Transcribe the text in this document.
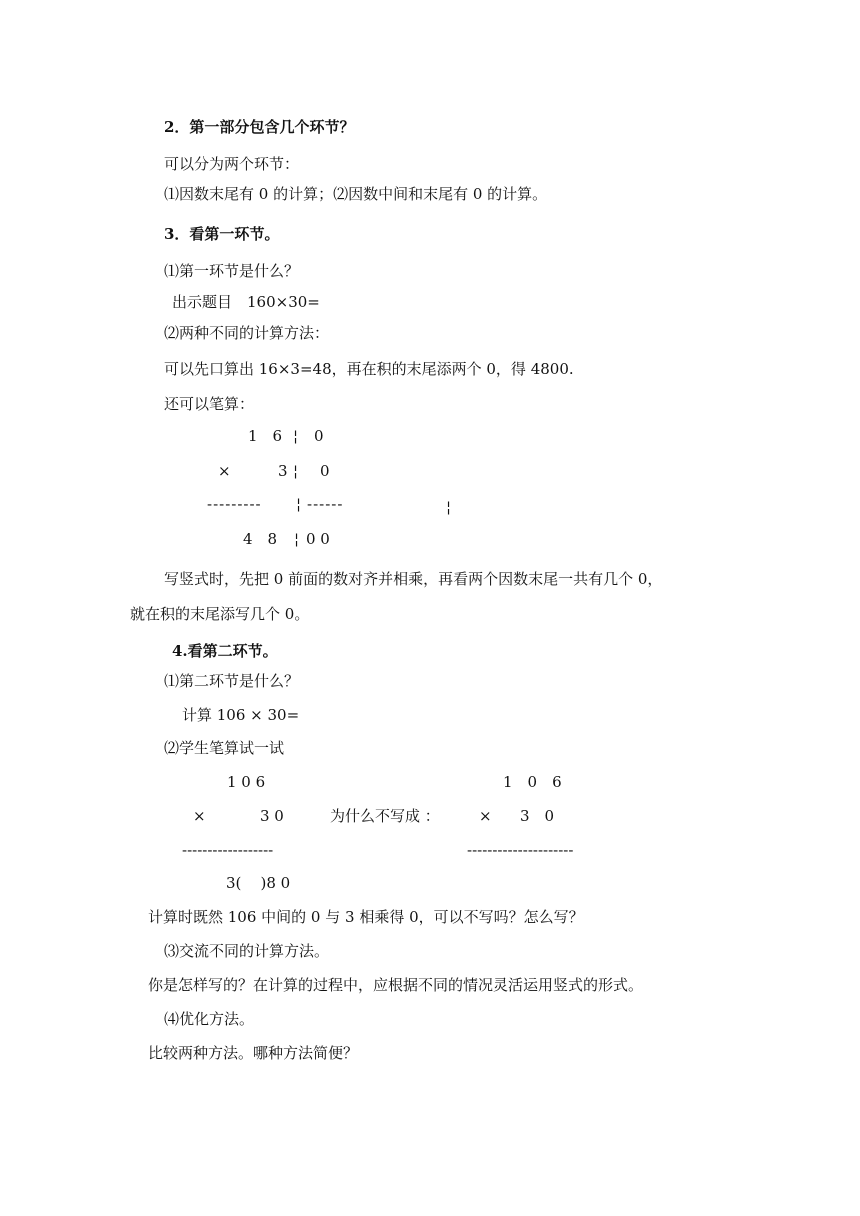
2．第一部分包含几个环节？
可以分为两个环节：
⑴因数末尾有 0 的计算；⑵因数中间和末尾有 0 的计算。
3．看第一环节。
⑴第一环节是什么？
出示题目　160×30=
⑵两种不同的计算方法：
可以先口算出 16×3=48，再在积的末尾添两个 0，得 4800.
还可以笔算：
1　6 ¦ 0
×	3 ¦ 0
--------- ¦ ------	¦
4　8 ¦ 0 0
写竖式时，先把 0 前面的数对齐并相乘，再看两个因数末尾一共有几个 0，
就在积的末尾添写几个 0。
4.看第二环节。
⑴第二环节是什么？
计算 106 × 30=
⑵学生笔算试一试
1 0 6
×	3 0
------------------
3(    )8 0
为什么不写成 ：
1　0　6
× 3　0
---------------------
计算时既然 106 中间的 0 与 3 相乘得 0，可以不写吗？怎么写？
⑶交流不同的计算方法。
你是怎样写的？在计算的过程中，应根据不同的情况灵活运用竖式的形式。
⑷优化方法。
比较两种方法。哪种方法简便？
